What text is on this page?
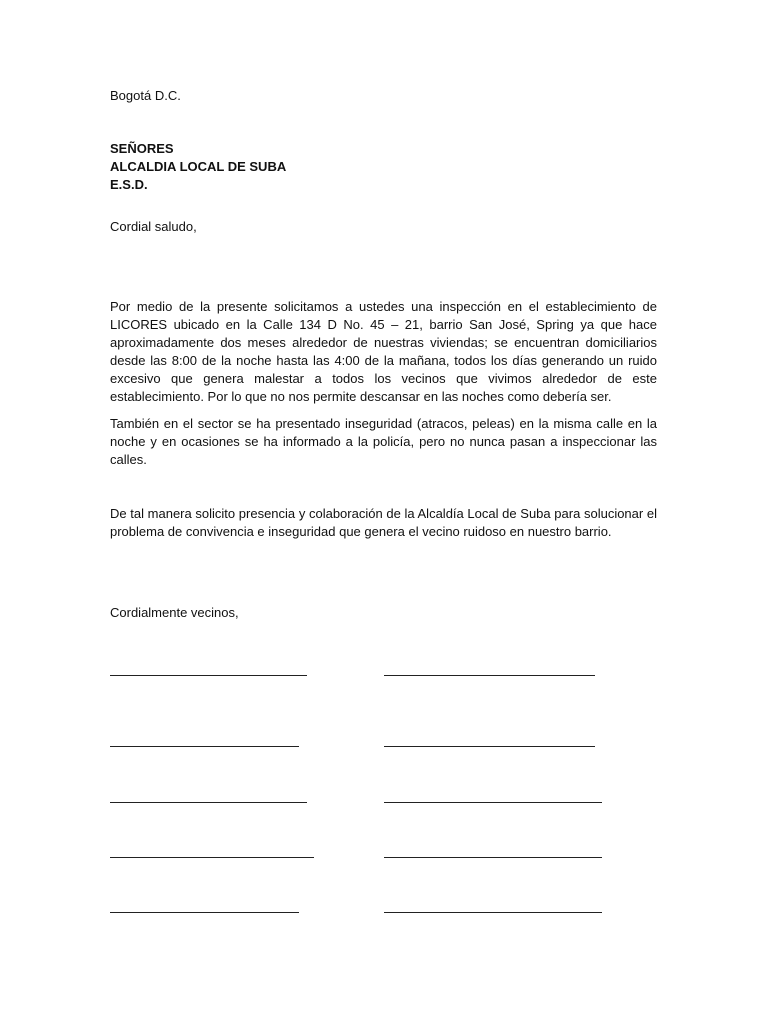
Bogotá D.C.
SEÑORES
ALCALDIA LOCAL DE SUBA
E.S.D.
Cordial saludo,
Por medio de la presente solicitamos a ustedes una inspección en el establecimiento de LICORES ubicado en la Calle 134 D No. 45 – 21, barrio San José, Spring ya que hace aproximadamente dos meses alrededor de nuestras viviendas; se encuentran domiciliarios desde las 8:00 de la noche hasta las 4:00 de la mañana, todos los días generando un ruido excesivo que genera malestar a todos los vecinos que vivimos alrededor de este establecimiento. Por lo que no nos permite descansar en las noches como debería ser.
También en el sector se ha presentado inseguridad (atracos, peleas) en la misma calle en la noche y en ocasiones se ha informado a la policía, pero no nunca pasan a inspeccionar las calles.
De tal manera solicito presencia y colaboración de la Alcaldía Local de Suba para solucionar el problema de convivencia e inseguridad que genera el vecino ruidoso en nuestro barrio.
Cordialmente vecinos,
